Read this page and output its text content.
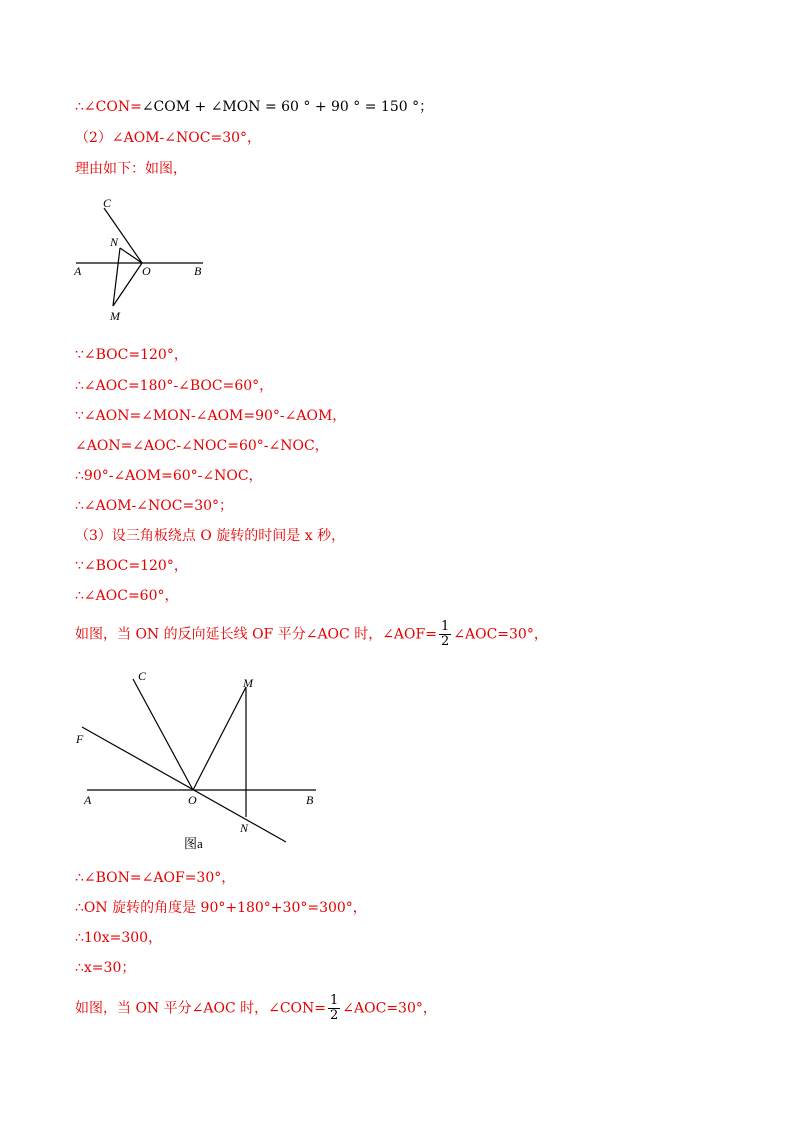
∴∠CON=∠COM + ∠MON = 60 ° + 90 ° = 150 °；
（2）∠AOM-∠NOC=30°，
理由如下：如图，
C
N
A	O	B
M
∵∠BOC=120°，
∴∠AOC=180°-∠BOC=60°，
∵∠AON=∠MON-∠AOM=90°-∠AOM，
∠AON=∠AOC-∠NOC=60°-∠NOC，
∴90°-∠AOM=60°-∠NOC，
∴∠AOM-∠NOC=30°；
（3）设三角板绕点 O 旋转的时间是 x 秒，
∵∠BOC=120°，
∴∠AOC=60°，
如图，当 ON 的反向延长线 OF 平分∠AOC 时，∠AOF= $\frac{1}{2}$ ∠AOC=30°，
C	M
F
A	O	B
N
图a
∴∠BON=∠AOF=30°，
∴ON 旋转的角度是 90°+180°+30°=300°，
∴10x=300，
∴x=30；
如图，当 ON 平分∠AOC 时，∠CON= $\frac{1}{2}$ ∠AOC=30°，
